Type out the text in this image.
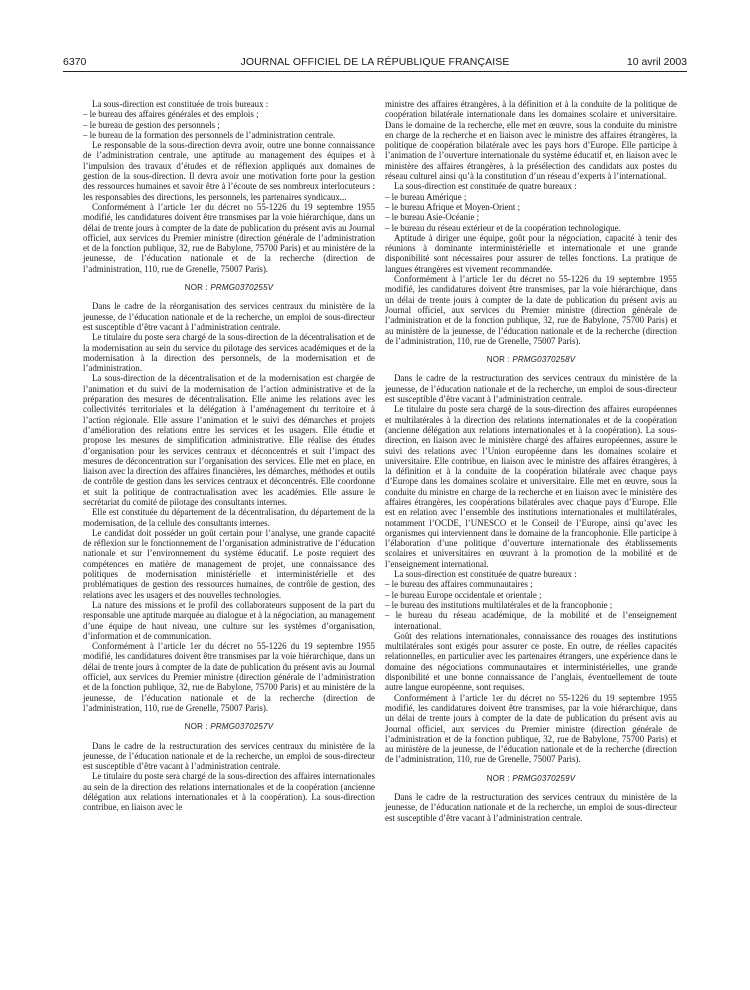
6370	JOURNAL OFFICIEL DE LA RÉPUBLIQUE FRANÇAISE	10 avril 2003

La sous-direction est constituée de trois bureaux :

– le bureau des affaires générales et des emplois ;

– le bureau de gestion des personnels ;

– le bureau de la formation des personnels de l’administration centrale.

Le responsable de la sous-direction devra avoir, outre une bonne connaissance de l’administration centrale, une aptitude au management des équipes et à l’impulsion des travaux d’études et de réflexion appliqués aux domaines de gestion de la sous-direction. Il devra avoir une motivation forte pour la gestion des ressources humaines et savoir être à l’écoute de ses nombreux interlocuteurs : les responsables des directions, les personnels, les partenaires syndicaux...

Conformément à l’article 1er du décret no 55-1226 du 19 septembre 1955 modifié, les candidatures doivent être transmises par la voie hiérarchique, dans un délai de trente jours à compter de la date de publication du présent avis au Journal officiel, aux services du Premier ministre (direction générale de l’administration et de la fonction publique, 32, rue de Babylone, 75700 Paris) et au ministère de la jeunesse, de l’éducation nationale et de la recherche (direction de l’administration, 110, rue de Grenelle, 75007 Paris).

NOR : PRMG0370255V

Dans le cadre de la réorganisation des services centraux du ministère de la jeunesse, de l’éducation nationale et de la recherche, un emploi de sous-directeur est susceptible d’être vacant à l’administration centrale.

Le titulaire du poste sera chargé de la sous-direction de la décentralisation et de la modernisation au sein du service du pilotage des services académiques et de la modernisation à la direction des personnels, de la modernisation et de l’administration.

La sous-direction de la décentralisation et de la modernisation est chargée de l’animation et du suivi de la modernisation de l’action administrative et de la préparation des mesures de décentralisation. Elle anime les relations avec les collectivités territoriales et la délégation à l’aménagement du territoire et à l’action régionale. Elle assure l’animation et le suivi des démarches et projets d’amélioration des relations entre les services et les usagers. Elle étudie et propose les mesures de simplification administrative. Elle réalise des études d’organisation pour les services centraux et déconcentrés et suit l’impact des mesures de déconcentration sur l’organisation des services. Elle met en place, en liaison avec la direction des affaires financières, les démarches, méthodes et outils de contrôle de gestion dans les services centraux et déconcentrés. Elle coordonne et suit la politique de contractualisation avec les académies. Elle assure le secrétariat du comité de pilotage des consultants internes.

Elle est constituée du département de la décentralisation, du département de la modernisation, de la cellule des consultants internes.

Le candidat doit posséder un goût certain pour l’analyse, une grande capacité de réflexion sur le fonctionnement de l’organisation administrative de l’éducation nationale et sur l’environnement du système éducatif. Le poste requiert des compétences en matière de management de projet, une connaissance des politiques de modernisation ministérielle et interministérielle et des problématiques de gestion des ressources humaines, de contrôle de gestion, des relations avec les usagers et des nouvelles technologies.

La nature des missions et le profil des collaborateurs supposent de la part du responsable une aptitude marquée au dialogue et à la négociation, au management d’une équipe de haut niveau, une culture sur les systèmes d’organisation, d’information et de communication.

Conformément à l’article 1er du décret no 55-1226 du 19 septembre 1955 modifié, les candidatures doivent être transmises par la voie hiérarchique, dans un délai de trente jours à compter de la date de publication du présent avis au Journal officiel, aux services du Premier ministre (direction générale de l’administration et de la fonction publique, 32, rue de Babylone, 75700 Paris) et au ministère de la jeunesse, de l’éducation nationale et de la recherche (direction de l’administration, 110, rue de Grenelle, 75007 Paris).

NOR : PRMG0370257V

Dans le cadre de la restructuration des services centraux du ministère de la jeunesse, de l’éducation nationale et de la recherche, un emploi de sous-directeur est susceptible d’être vacant à l’administration centrale.

Le titulaire du poste sera chargé de la sous-direction des affaires internationales au sein de la direction des relations internationales et de la coopération (ancienne délégation aux relations internationales et à la coopération). La sous-direction contribue, en liaison avec le

ministre des affaires étrangères, à la définition et à la conduite de la politique de coopération bilatérale internationale dans les domaines scolaire et universitaire. Dans le domaine de la recherche, elle met en œuvre, sous la conduite du ministre en charge de la recherche et en liaison avec le ministre des affaires étrangères, la politique de coopération bilatérale avec les pays hors d’Europe. Elle participe à l’animation de l’ouverture internationale du système éducatif et, en liaison avec le ministère des affaires étrangères, à la présélection des candidats aux postes du réseau culturel ainsi qu’à la constitution d’un réseau d’experts à l’international.

La sous-direction est constituée de quatre bureaux :

– le bureau Amérique ;

– le bureau Afrique et Moyen-Orient ;

– le bureau Asie-Océanie ;

– le bureau du réseau extérieur et de la coopération technologique.

Aptitude à diriger une équipe, goût pour la négociation, capacité à tenir des réunions à dominante interministérielle et internationale et une grande disponibilité sont nécessaires pour assurer de telles fonctions. La pratique de langues étrangères est vivement recommandée.

Conformément à l’article 1er du décret no 55-1226 du 19 septembre 1955 modifié, les candidatures doivent être transmises, par la voie hiérarchique, dans un délai de trente jours à compter de la date de publication du présent avis au Journal officiel, aux services du Premier ministre (direction générale de l’administration et de la fonction publique, 32, rue de Babylone, 75700 Paris) et au ministère de la jeunesse, de l’éducation nationale et de la recherche (direction de l’administration, 110, rue de Grenelle, 75007 Paris).

NOR : PRMG0370258V

Dans le cadre de la restructuration des services centraux du ministère de la jeunesse, de l’éducation nationale et de la recherche, un emploi de sous-directeur est susceptible d’être vacant à l’administration centrale.

Le titulaire du poste sera chargé de la sous-direction des affaires européennes et multilatérales à la direction des relations internationales et de la coopération (ancienne délégation aux relations internationales et à la coopération). La sous-direction, en liaison avec le ministère chargé des affaires européennes, assure le suivi des relations avec l’Union européenne dans les domaines scolaire et universitaire. Elle contribue, en liaison avec le ministre des affaires étrangères, à la définition et à la conduite de la coopération bilatérale avec chaque pays d’Europe dans les domaines scolaire et universitaire. Elle met en œuvre, sous la conduite du ministre en charge de la recherche et en liaison avec le ministère des affaires étrangères, les coopérations bilatérales avec chaque pays d’Europe. Elle est en relation avec l’ensemble des institutions internationales et multilatérales, notamment l’OCDE, l’UNESCO et le Conseil de l’Europe, ainsi qu’avec les organismes qui interviennent dans le domaine de la francophonie. Elle participe à l’élaboration d’une politique d’ouverture internationale des établissements scolaires et universitaires en œuvrant à la promotion de la mobilité et de l’enseignement international.

La sous-direction est constituée de quatre bureaux :

– le bureau des affaires communautaires ;

– le bureau Europe occidentale et orientale ;

– le bureau des institutions multilatérales et de la francophonie ;

– le bureau du réseau académique, de la mobilité et de l’enseignement international.

Goût des relations internationales, connaissance des rouages des institutions multilatérales sont exigés pour assurer ce poste. En outre, de réelles capacités relationnelles, en particulier avec les partenaires étrangers, une expérience dans le domaine des négociations communautaires et interministérielles, une grande disponibilité et une bonne connaissance de l’anglais, éventuellement de toute autre langue européenne, sont requises.

Conformément à l’article 1er du décret no 55-1226 du 19 septembre 1955 modifié, les candidatures doivent être transmises, par la voie hiérarchique, dans un délai de trente jours à compter de la date de publication du présent avis au Journal officiel, aux services du Premier ministre (direction générale de l’administration et de la fonction publique, 32, rue de Babylone, 75700 Paris) et au ministère de la jeunesse, de l’éducation nationale et de la recherche (direction de l’administration, 110, rue de Grenelle, 75007 Paris).

NOR : PRMG0370259V

Dans le cadre de la restructuration des services centraux du ministère de la jeunesse, de l’éducation nationale et de la recherche, un emploi de sous-directeur est susceptible d’être vacant à l’administration centrale.
